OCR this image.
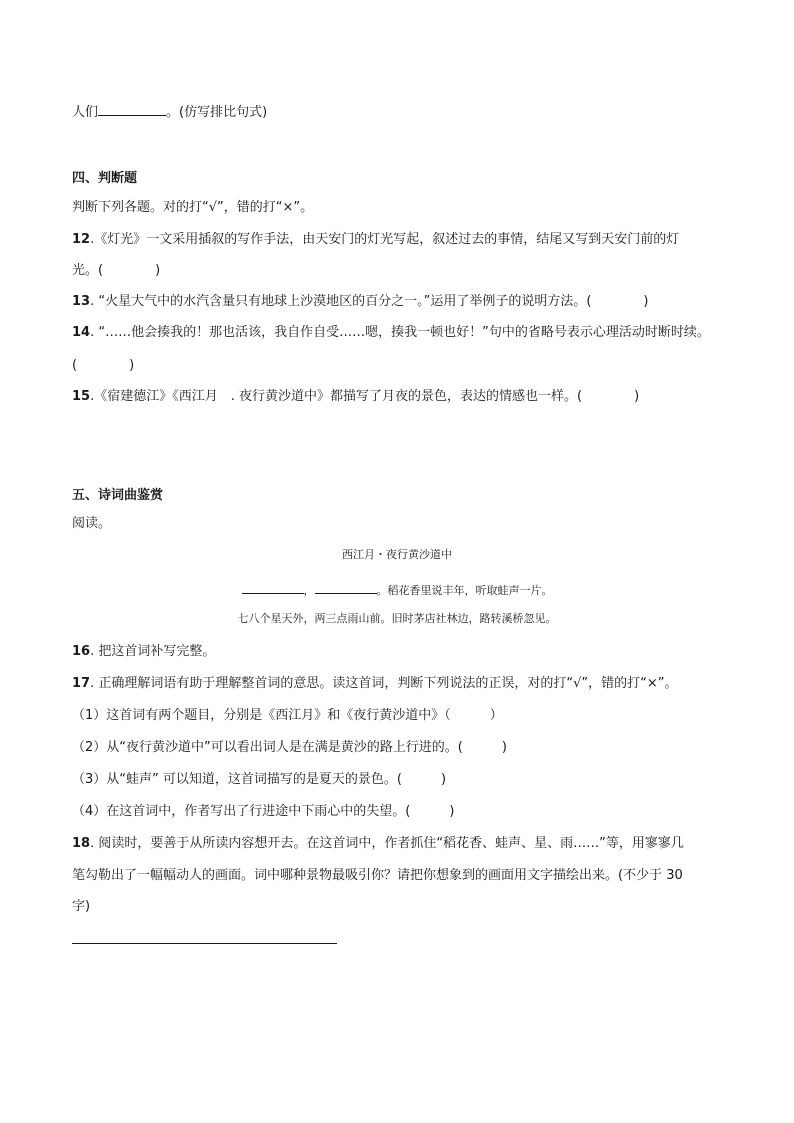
人们	。(仿写排比句式)
四、判断题
判断下列各题。对的打“√”，错的打“×”。
12.《灯光》一文采用插叙的写作手法，由天安门的灯光写起，叙述过去的事情，结尾又写到天安门前的灯
光。(　　　　)
13. “火星大气中的水汽含量只有地球上沙漠地区的百分之一。”运用了举例子的说明方法。(　　　　)
14. “……他会揍我的！那也活该，我自作自受……嗯，揍我一顿也好！”句中的省略号表示心理活动时断时续。
(　　　　)
15.《宿建德江》《西江月　. 夜行黄沙道中》都描写了月夜的景色，表达的情感也一样。(　　　　)
五、诗词曲鉴赏
阅读。
西江月・夜行黄沙道中
，	。稻花香里说丰年，听取蛙声一片。
七八个星天外，两三点雨山前。旧时茅店社林边，路转溪桥忽见。
16. 把这首词补写完整。
17. 正确理解词语有助于理解整首词的意思。读这首词，判断下列说法的正误，对的打“√”，错的打“×”。
（1）这首词有两个题目，分别是《西江月》和《夜行黄沙道中》（　　　）
（2）从“夜行黄沙道中”可以看出词人是在满是黄沙的路上行进的。(　　　)
（3）从“蛙声” 可以知道，这首词描写的是夏天的景色。(　　　)
（4）在这首词中，作者写出了行进途中下雨心中的失望。(　　　)
18. 阅读时，要善于从所读内容想开去。在这首词中，作者抓住“稻花香、蛙声、星、雨……”等，用寥寥几
笔勾勒出了一幅幅动人的画面。词中哪种景物最吸引你？请把你想象到的画面用文字描绘出来。(不少于 30
字)
